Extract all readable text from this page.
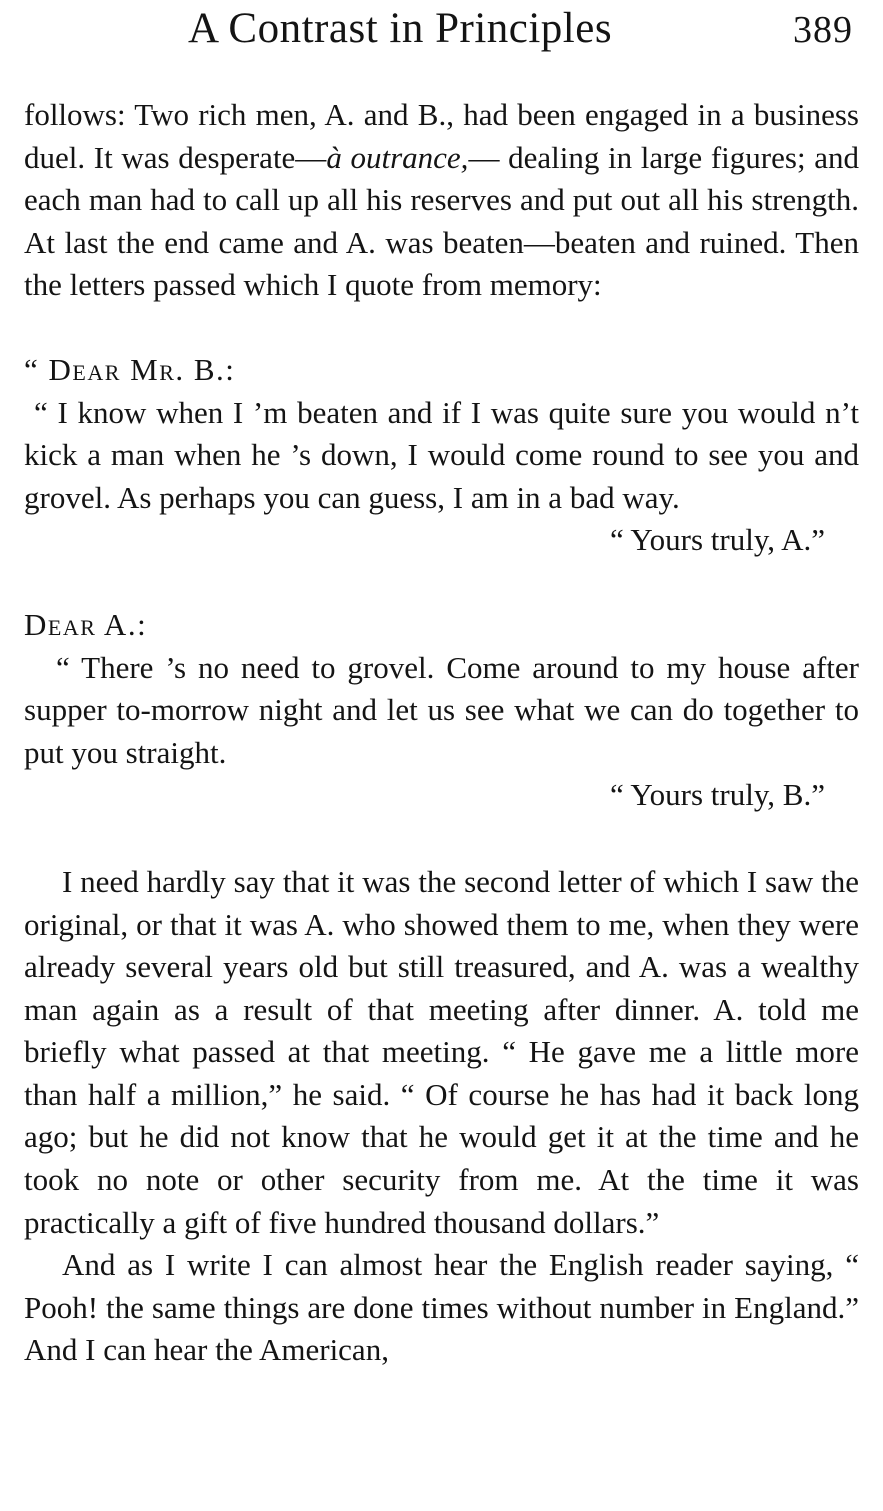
A Contrast in Principles	389

follows: Two rich men, A. and B., had been engaged in a business duel. It was desperate—à outrance,— dealing in large figures; and each man had to call up all his reserves and put out all his strength. At last the end came and A. was beaten—beaten and ruined. Then the letters passed which I quote from memory:

“ Dear Mr. B.:

“ I know when I ’m beaten and if I was quite sure you would n’t kick a man when he ’s down, I would come round to see you and grovel. As perhaps you can guess, I am in a bad way.

“ Yours truly, A.”

Dear A.:

“ There ’s no need to grovel. Come around to my house after supper to-morrow night and let us see what we can do together to put you straight.

“ Yours truly, B.”

I need hardly say that it was the second letter of which I saw the original, or that it was A. who showed them to me, when they were already several years old but still treasured, and A. was a wealthy man again as a result of that meeting after dinner. A. told me briefly what passed at that meeting. “ He gave me a little more than half a million,” he said. “ Of course he has had it back long ago; but he did not know that he would get it at the time and he took no note or other security from me. At the time it was practically a gift of five hundred thousand dollars.”

And as I write I can almost hear the English reader saying, “ Pooh! the same things are done times without number in England.” And I can hear the American,
